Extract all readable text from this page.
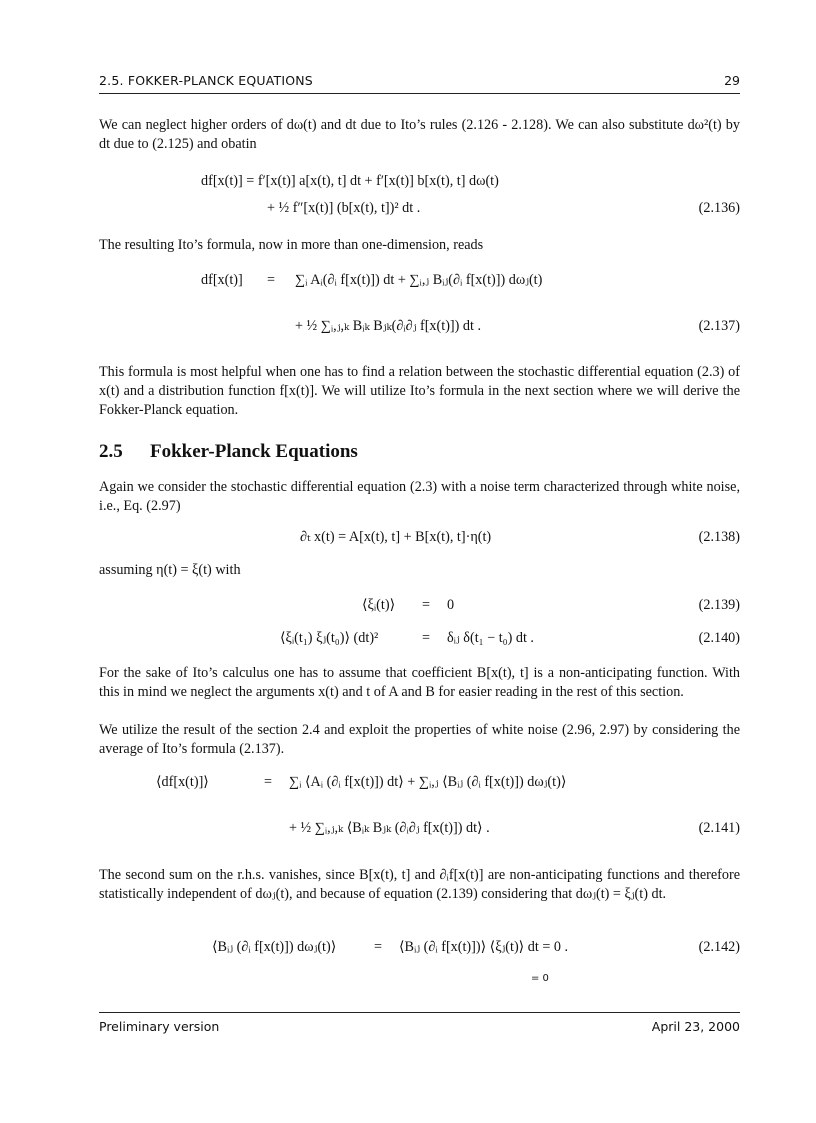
2.5. FOKKER-PLANCK EQUATIONS	29
We can neglect higher orders of dω(t) and dt due to Ito’s rules (2.126 - 2.128). We can also substitute dω²(t) by dt due to (2.125) and obatin
df[x(t)] = f′[x(t)] a[x(t), t] dt + f′[x(t)] b[x(t), t] dω(t)
+ ½ f″[x(t)] (b[x(t), t])² dt .	(2.136)
The resulting Ito’s formula, now in more than one-dimension, reads
df[x(t)] = ∑ᵢ Aᵢ(∂ᵢ f[x(t)]) dt + ∑ᵢ,ⱼ Bᵢⱼ(∂ᵢ f[x(t)]) dωⱼ(t)
+ ½ ∑ᵢ,ⱼ,ₖ Bᵢₖ Bⱼₖ(∂ᵢ∂ⱼ f[x(t)]) dt .	(2.137)
This formula is most helpful when one has to find a relation between the stochastic differential equation (2.3) of x(t) and a distribution function f[x(t)]. We will utilize Ito’s formula in the next section where we will derive the Fokker-Planck equation.
2.5 Fokker-Planck Equations
Again we consider the stochastic differential equation (2.3) with a noise term characterized through white noise, i.e., Eq. (2.97)
∂ₜ x(t) = A[x(t), t] + B[x(t), t]·η(t)	(2.138)
assuming η(t) = ξ(t) with
⟨ξᵢ(t)⟩ = 0	(2.139)
⟨ξᵢ(t₁) ξⱼ(t₀)⟩ (dt)²	= δᵢⱼ δ(t₁ − t₀) dt .	(2.140)
For the sake of Ito’s calculus one has to assume that coefficient B[x(t), t] is a non-anticipating function. With this in mind we neglect the arguments x(t) and t of A and B for easier reading in the rest of this section.
We utilize the result of the section 2.4 and exploit the properties of white noise (2.96, 2.97) by considering the average of Ito’s formula (2.137).
⟨df[x(t)]⟩	= ∑ᵢ ⟨Aᵢ (∂ᵢ f[x(t)]) dt⟩ + ∑ᵢ,ⱼ ⟨Bᵢⱼ (∂ᵢ f[x(t)]) dωⱼ(t)⟩
+ ½ ∑ᵢ,ⱼ,ₖ ⟨Bᵢₖ Bⱼₖ (∂ᵢ∂ⱼ f[x(t)]) dt⟩ .	(2.141)
The second sum on the r.h.s. vanishes, since B[x(t), t] and ∂ᵢf[x(t)] are non-anticipating functions and therefore statistically independent of dωⱼ(t), and because of equation (2.139) considering that dωⱼ(t) = ξⱼ(t) dt.
⟨Bᵢⱼ (∂ᵢ f[x(t)]) dωⱼ(t)⟩	= ⟨Bᵢⱼ (∂ᵢ f[x(t)])⟩ ⟨ξⱼ(t)⟩ dt = 0 .	(2.142)
= 0
Preliminary version	April 23, 2000
